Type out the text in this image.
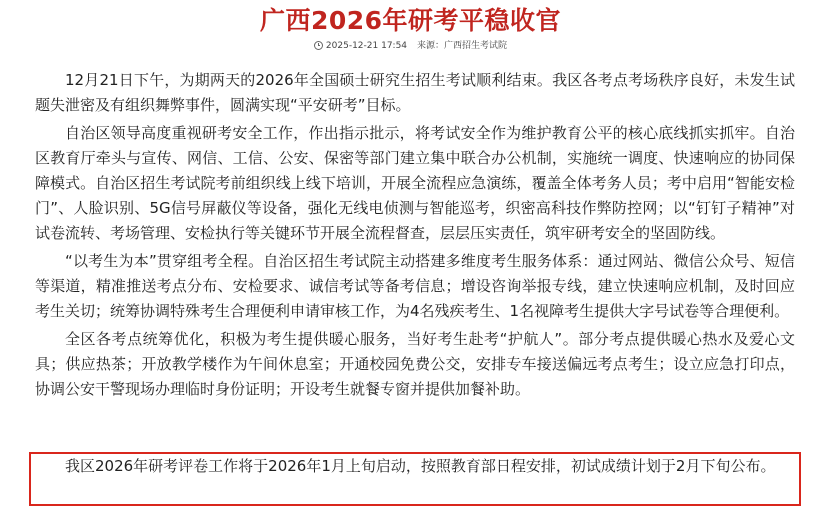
广西2026年研考平稳收官
2025-12-21 17:54 来源：广西招生考试院

12月21日下午，为期两天的2026年全国硕士研究生招生考试顺利结束。我区各考点考场秩序良好，未发生试题失泄密及有组织舞弊事件，圆满实现“平安研考”目标。

自治区领导高度重视研考安全工作，作出指示批示，将考试安全作为维护教育公平的核心底线抓实抓牢。自治区教育厅牵头与宣传、网信、工信、公安、保密等部门建立集中联合办公机制，实施统一调度、快速响应的协同保障模式。自治区招生考试院考前组织线上线下培训，开展全流程应急演练，覆盖全体考务人员；考中启用“智能安检门”、人脸识别、5G信号屏蔽仪等设备，强化无线电侦测与智能巡考，织密高科技作弊防控网；以“钉钉子精神”对试卷流转、考场管理、安检执行等关键环节开展全流程督查，层层压实责任，筑牢研考安全的坚固防线。

“以考生为本”贯穿组考全程。自治区招生考试院主动搭建多维度考生服务体系：通过网站、微信公众号、短信等渠道，精准推送考点分布、安检要求、诚信考试等备考信息；增设咨询举报专线，建立快速响应机制，及时回应考生关切；统筹协调特殊考生合理便利申请审核工作，为4名残疾考生、1名视障考生提供大字号试卷等合理便利。

全区各考点统筹优化，积极为考生提供暖心服务，当好考生赴考“护航人”。部分考点提供暖心热水及爱心文具；供应热茶；开放教学楼作为午间休息室；开通校园免费公交，安排专车接送偏远考点考生；设立应急打印点，协调公安干警现场办理临时身份证明；开设考生就餐专窗并提供加餐补助。

我区2026年研考评卷工作将于2026年1月上旬启动，按照教育部日程安排，初试成绩计划于2月下旬公布。
